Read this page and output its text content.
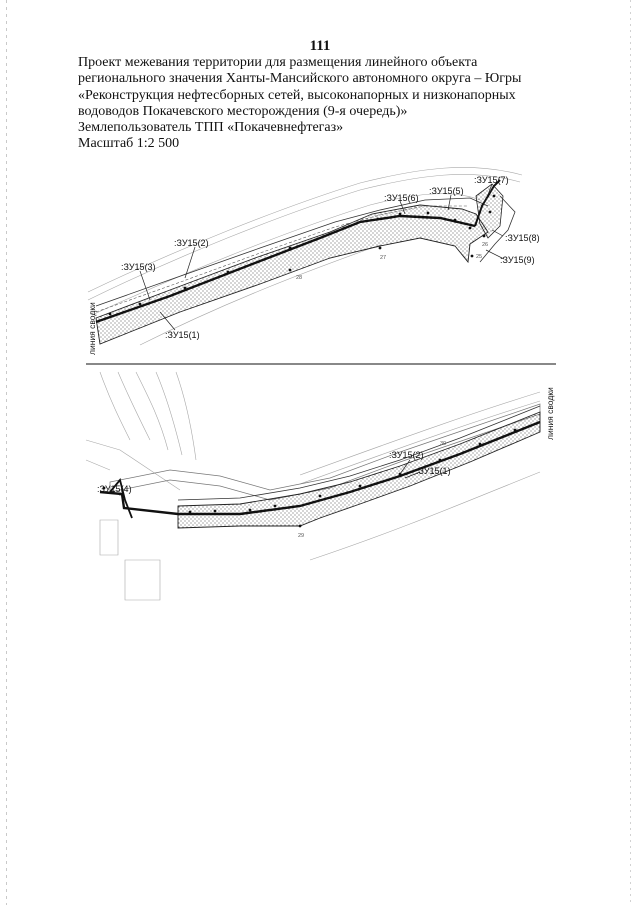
111
Проект межевания территории для размещения линейного объекта
регионального значения Ханты-Мансийского автономного округа – Югры
«Реконструкция нефтесборных сетей, высоконапорных и низконапорных
водоводов Покачевского месторождения (9-я очередь)»
Землепользователь ТПП «Покачевнефтегаз»
Масштаб 1:2 500
линия сводки
:ЗУ15(2)
:ЗУ15(3)
:ЗУ15(1)
:ЗУ15(6)
:ЗУ15(5)
:ЗУ15(7)
:ЗУ15(8)
:ЗУ15(9)
28
27
26
25
линия сводки
:ЗУ15(2)
:ЗУ15(1)
:ЗУ15(4)
29
30
